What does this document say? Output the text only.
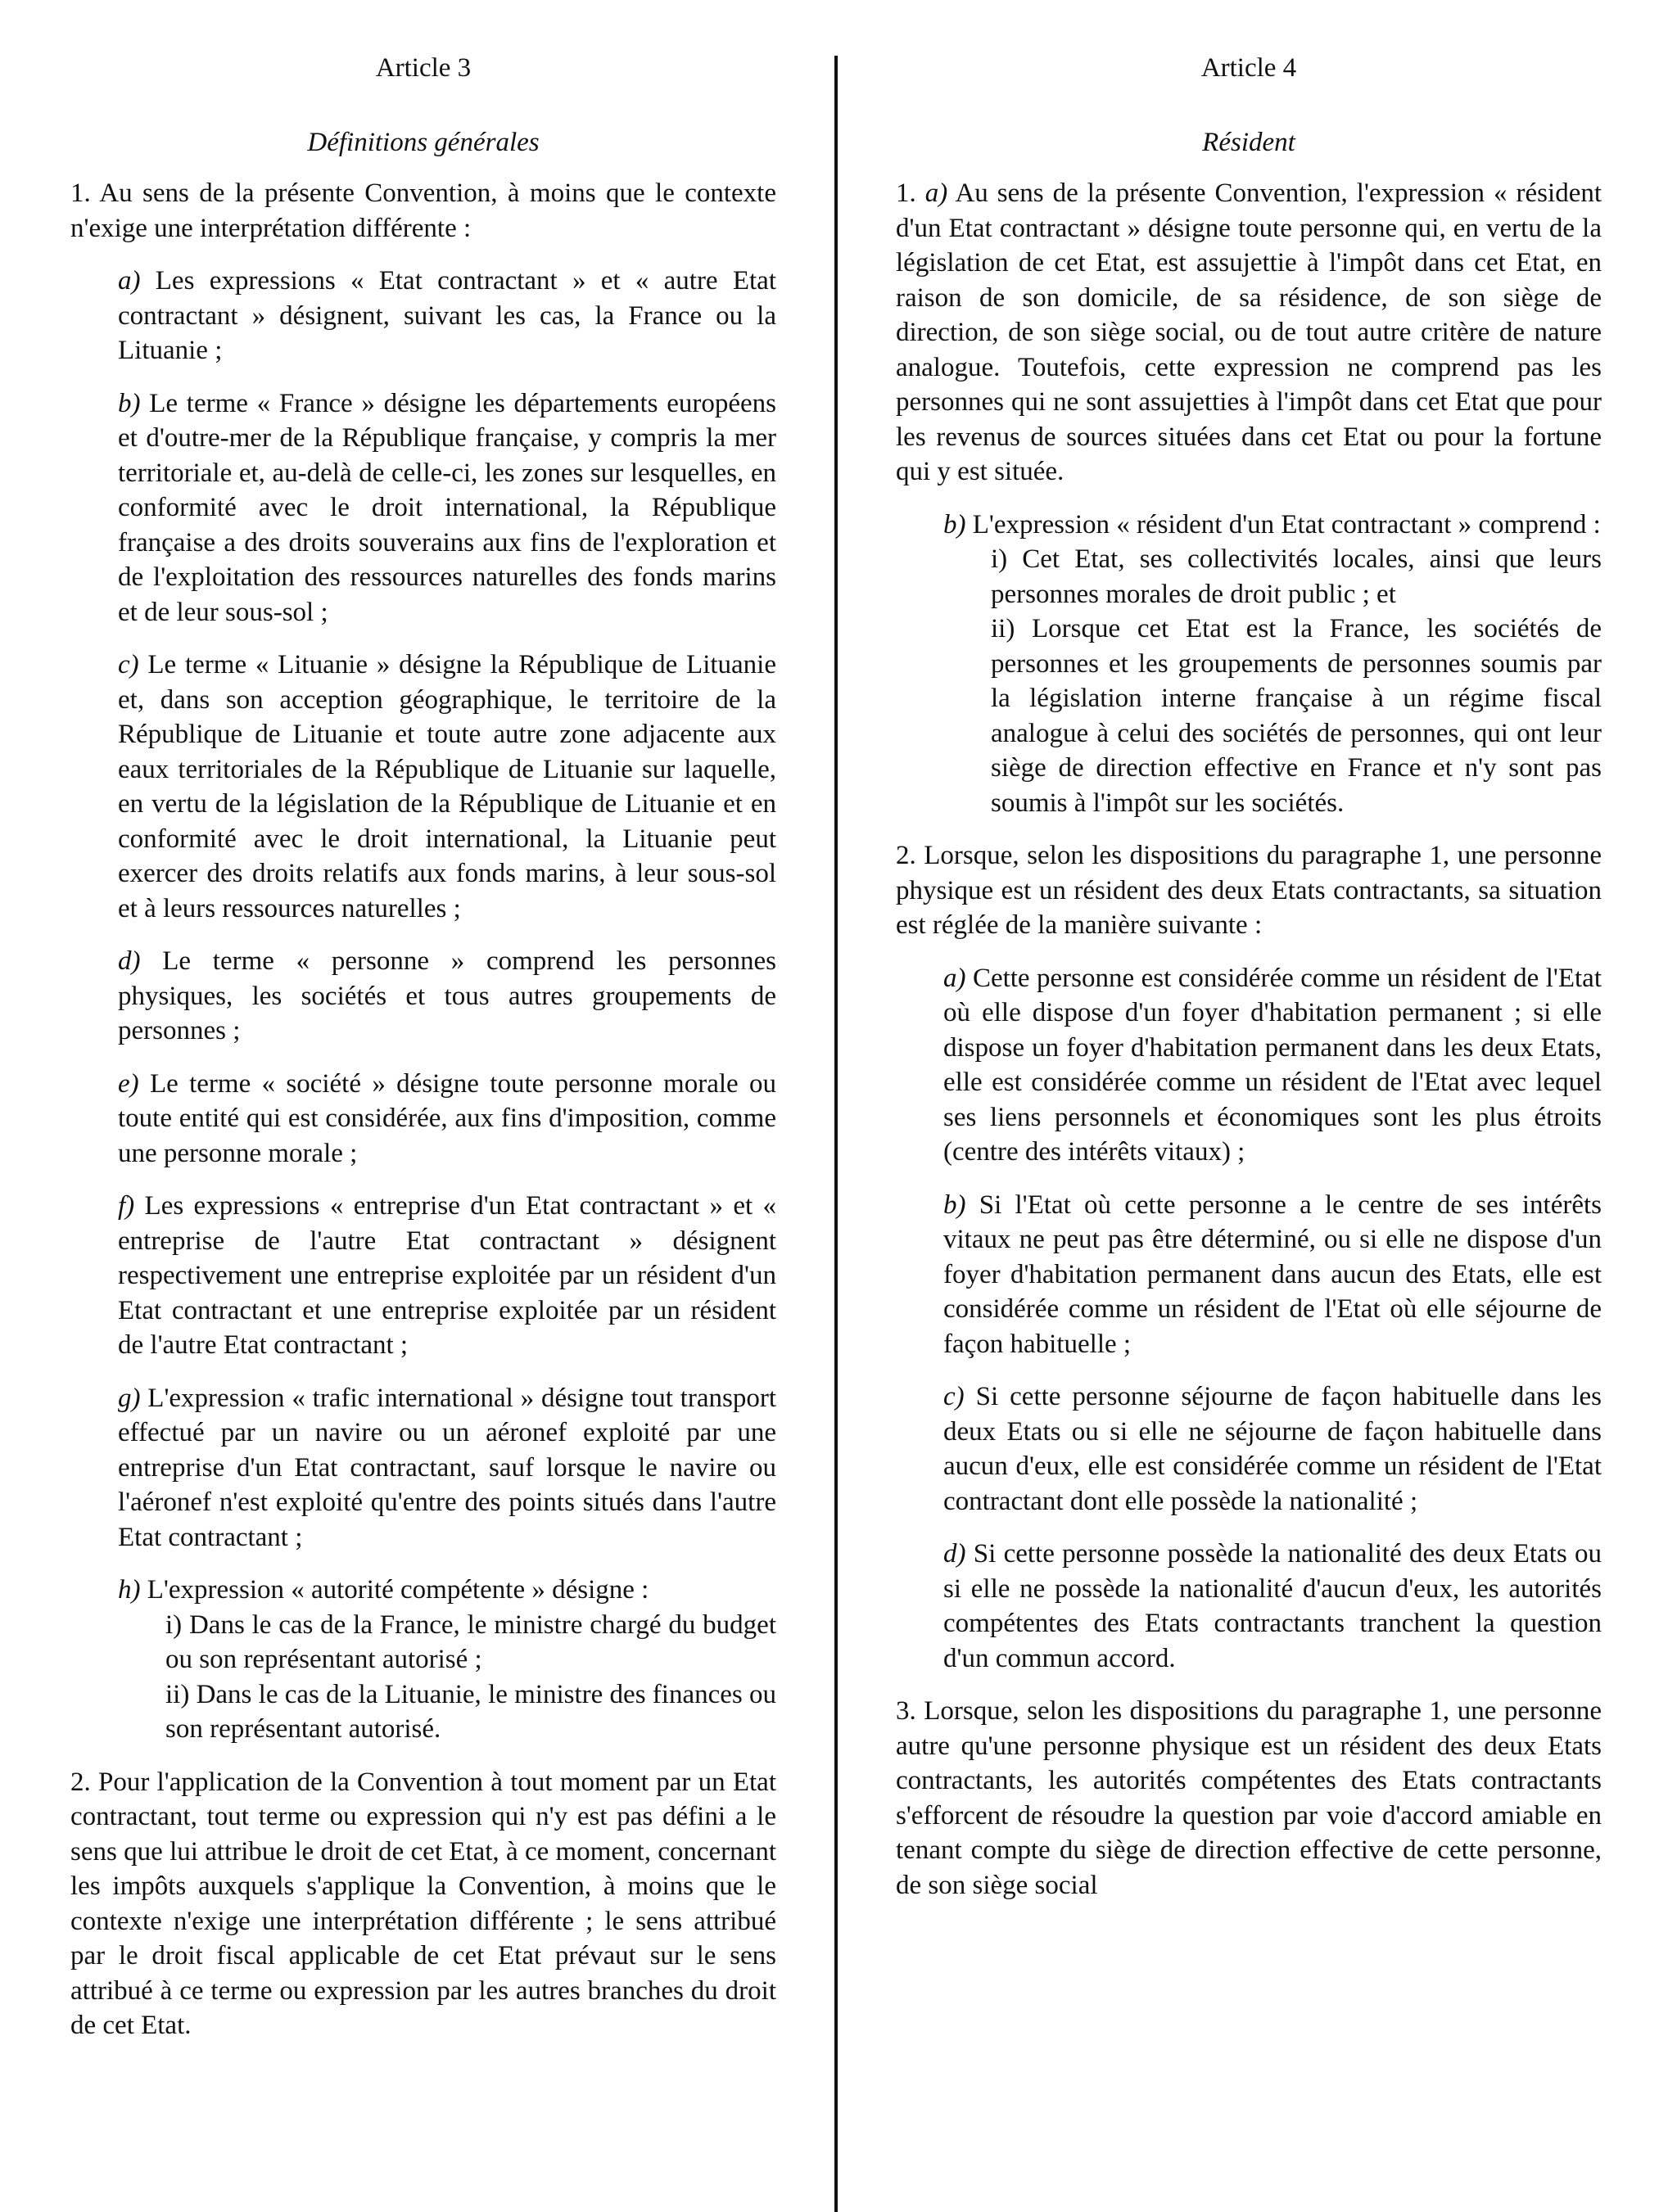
Article 3
Définitions générales

1. Au sens de la présente Convention, à moins que le contexte n'exige une interprétation différente :

a) Les expressions « Etat contractant » et « autre Etat contractant » désignent, suivant les cas, la France ou la Lituanie ;

b) Le terme « France » désigne les départements européens et d'outre-mer de la République française, y compris la mer territoriale et, au-delà de celle-ci, les zones sur lesquelles, en conformité avec le droit international, la République française a des droits souverains aux fins de l'exploration et de l'exploitation des ressources naturelles des fonds marins et de leur sous-sol ;

c) Le terme « Lituanie » désigne la République de Lituanie et, dans son acception géographique, le territoire de la République de Lituanie et toute autre zone adjacente aux eaux territoriales de la République de Lituanie sur laquelle, en vertu de la législation de la République de Lituanie et en conformité avec le droit international, la Lituanie peut exercer des droits relatifs aux fonds marins, à leur sous-sol et à leurs ressources naturelles ;

d) Le terme « personne » comprend les personnes physiques, les sociétés et tous autres groupements de personnes ;

e) Le terme « société » désigne toute personne morale ou toute entité qui est considérée, aux fins d'imposition, comme une personne morale ;

f) Les expressions « entreprise d'un Etat contractant » et « entreprise de l'autre Etat contractant » désignent respectivement une entreprise exploitée par un résident d'un Etat contractant et une entreprise exploitée par un résident de l'autre Etat contractant ;

g) L'expression « trafic international » désigne tout transport effectué par un navire ou un aéronef exploité par une entreprise d'un Etat contractant, sauf lorsque le navire ou l'aéronef n'est exploité qu'entre des points situés dans l'autre Etat contractant ;

h) L'expression « autorité compétente » désigne :

i) Dans le cas de la France, le ministre chargé du budget ou son représentant autorisé ;

ii) Dans le cas de la Lituanie, le ministre des finances ou son représentant autorisé.

2. Pour l'application de la Convention à tout moment par un Etat contractant, tout terme ou expression qui n'y est pas défini a le sens que lui attribue le droit de cet Etat, à ce moment, concernant les impôts auxquels s'applique la Convention, à moins que le contexte n'exige une interprétation différente ; le sens attribué par le droit fiscal applicable de cet Etat prévaut sur le sens attribué à ce terme ou expression par les autres branches du droit de cet Etat.

Article 4
Résident

1. a) Au sens de la présente Convention, l'expression « résident d'un Etat contractant » désigne toute personne qui, en vertu de la législation de cet Etat, est assujettie à l'impôt dans cet Etat, en raison de son domicile, de sa résidence, de son siège de direction, de son siège social, ou de tout autre critère de nature analogue. Toutefois, cette expression ne comprend pas les personnes qui ne sont assujetties à l'impôt dans cet Etat que pour les revenus de sources situées dans cet Etat ou pour la fortune qui y est située.

b) L'expression « résident d'un Etat contractant » comprend :

i) Cet Etat, ses collectivités locales, ainsi que leurs personnes morales de droit public ; et

ii) Lorsque cet Etat est la France, les sociétés de personnes et les groupements de personnes soumis par la législation interne française à un régime fiscal analogue à celui des sociétés de personnes, qui ont leur siège de direction effective en France et n'y sont pas soumis à l'impôt sur les sociétés.

2. Lorsque, selon les dispositions du paragraphe 1, une personne physique est un résident des deux Etats contractants, sa situation est réglée de la manière suivante :

a) Cette personne est considérée comme un résident de l'Etat où elle dispose d'un foyer d'habitation permanent ; si elle dispose un foyer d'habitation permanent dans les deux Etats, elle est considérée comme un résident de l'Etat avec lequel ses liens personnels et économiques sont les plus étroits (centre des intérêts vitaux) ;

b) Si l'Etat où cette personne a le centre de ses intérêts vitaux ne peut pas être déterminé, ou si elle ne dispose d'un foyer d'habitation permanent dans aucun des Etats, elle est considérée comme un résident de l'Etat où elle séjourne de façon habituelle ;

c) Si cette personne séjourne de façon habituelle dans les deux Etats ou si elle ne séjourne de façon habituelle dans aucun d'eux, elle est considérée comme un résident de l'Etat contractant dont elle possède la nationalité ;

d) Si cette personne possède la nationalité des deux Etats ou si elle ne possède la nationalité d'aucun d'eux, les autorités compétentes des Etats contractants tranchent la question d'un commun accord.

3. Lorsque, selon les dispositions du paragraphe 1, une personne autre qu'une personne physique est un résident des deux Etats contractants, les autorités compétentes des Etats contractants s'efforcent de résoudre la question par voie d'accord amiable en tenant compte du siège de direction effective de cette personne, de son siège social
